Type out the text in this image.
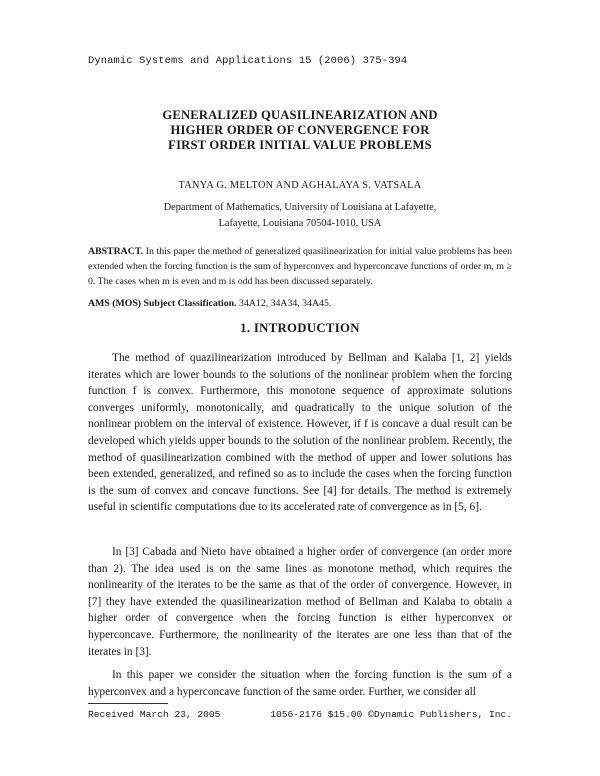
Dynamic Systems and Applications 15 (2006) 375-394
GENERALIZED QUASILINEARIZATION AND
HIGHER ORDER OF CONVERGENCE FOR
FIRST ORDER INITIAL VALUE PROBLEMS
TANYA G. MELTON AND AGHALAYA S. VATSALA
Department of Mathematics, University of Louisiana at Lafayette,
Lafayette, Louisiana 70504-1010, USA
ABSTRACT. In this paper the method of generalized quasilinearization for initial value problems has been extended when the forcing function is the sum of hyperconvex and hyperconcave functions of order m, m ≥ 0. The cases when m is even and m is odd has been discussed separately.
AMS (MOS) Subject Classification. 34A12, 34A34, 34A45.
1. INTRODUCTION
The method of quazilinearization introduced by Bellman and Kalaba [1, 2] yields iterates which are lower bounds to the solutions of the nonlinear problem when the forcing function f is convex. Furthermore, this monotone sequence of approximate solutions converges uniformly, monotonically, and quadratically to the unique solution of the nonlinear problem on the interval of existence. However, if f is concave a dual result can be developed which yields upper bounds to the solution of the nonlinear problem. Recently, the method of quasilinearization combined with the method of upper and lower solutions has been extended, generalized, and refined so as to include the cases when the forcing function is the sum of convex and concave functions. See [4] for details. The method is extremely useful in scientific computations due to its accelerated rate of convergence as in [5, 6].
In [3] Cabada and Nieto have obtained a higher order of convergence (an order more than 2). The idea used is on the same lines as monotone method, which requires the nonlinearity of the iterates to be the same as that of the order of convergence. However, in [7] they have extended the quasilinearization method of Bellman and Kalaba to obtain a higher order of convergence when the forcing function is either hyperconvex or hyperconcave. Furthermore, the nonlinearity of the iterates are one less than that of the iterates in [3].
In this paper we consider the situation when the forcing function is the sum of a hyperconvex and a hyperconcave function of the same order. Further, we consider all
Received March 23, 2005	1056-2176 $15.00 ©Dynamic Publishers, Inc.
